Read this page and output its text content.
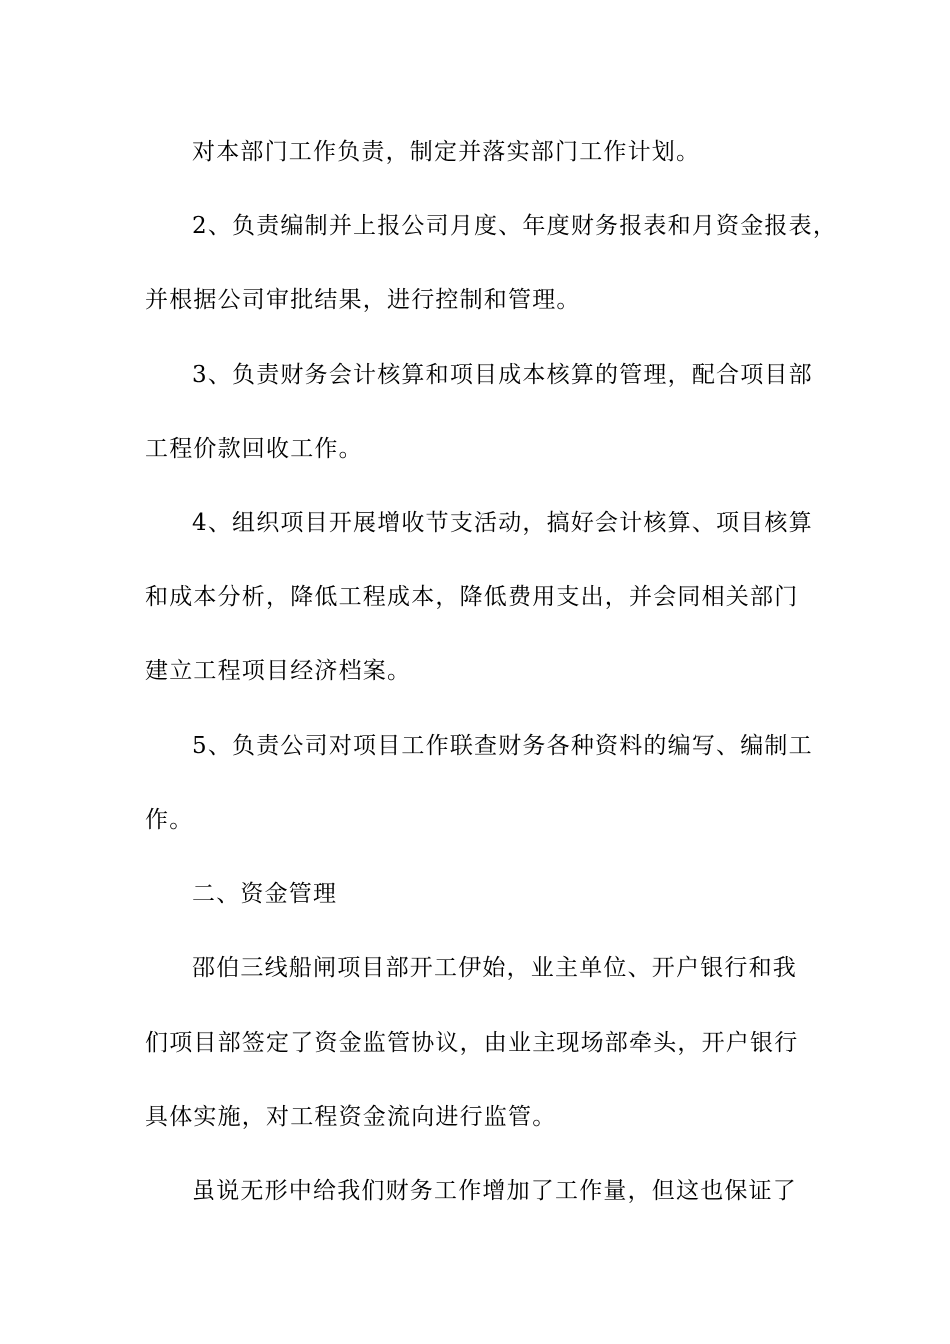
对本部门工作负责，制定并落实部门工作计划。
2、负责编制并上报公司月度、年度财务报表和月资金报表，
并根据公司审批结果，进行控制和管理。
3、负责财务会计核算和项目成本核算的管理，配合项目部
工程价款回收工作。
4、组织项目开展增收节支活动，搞好会计核算、项目核算
和成本分析，降低工程成本，降低费用支出，并会同相关部门
建立工程项目经济档案。
5、负责公司对项目工作联查财务各种资料的编写、编制工
作。
二、资金管理
邵伯三线船闸项目部开工伊始，业主单位、开户银行和我
们项目部签定了资金监管协议，由业主现场部牵头，开户银行
具体实施，对工程资金流向进行监管。
虽说无形中给我们财务工作增加了工作量，但这也保证了
